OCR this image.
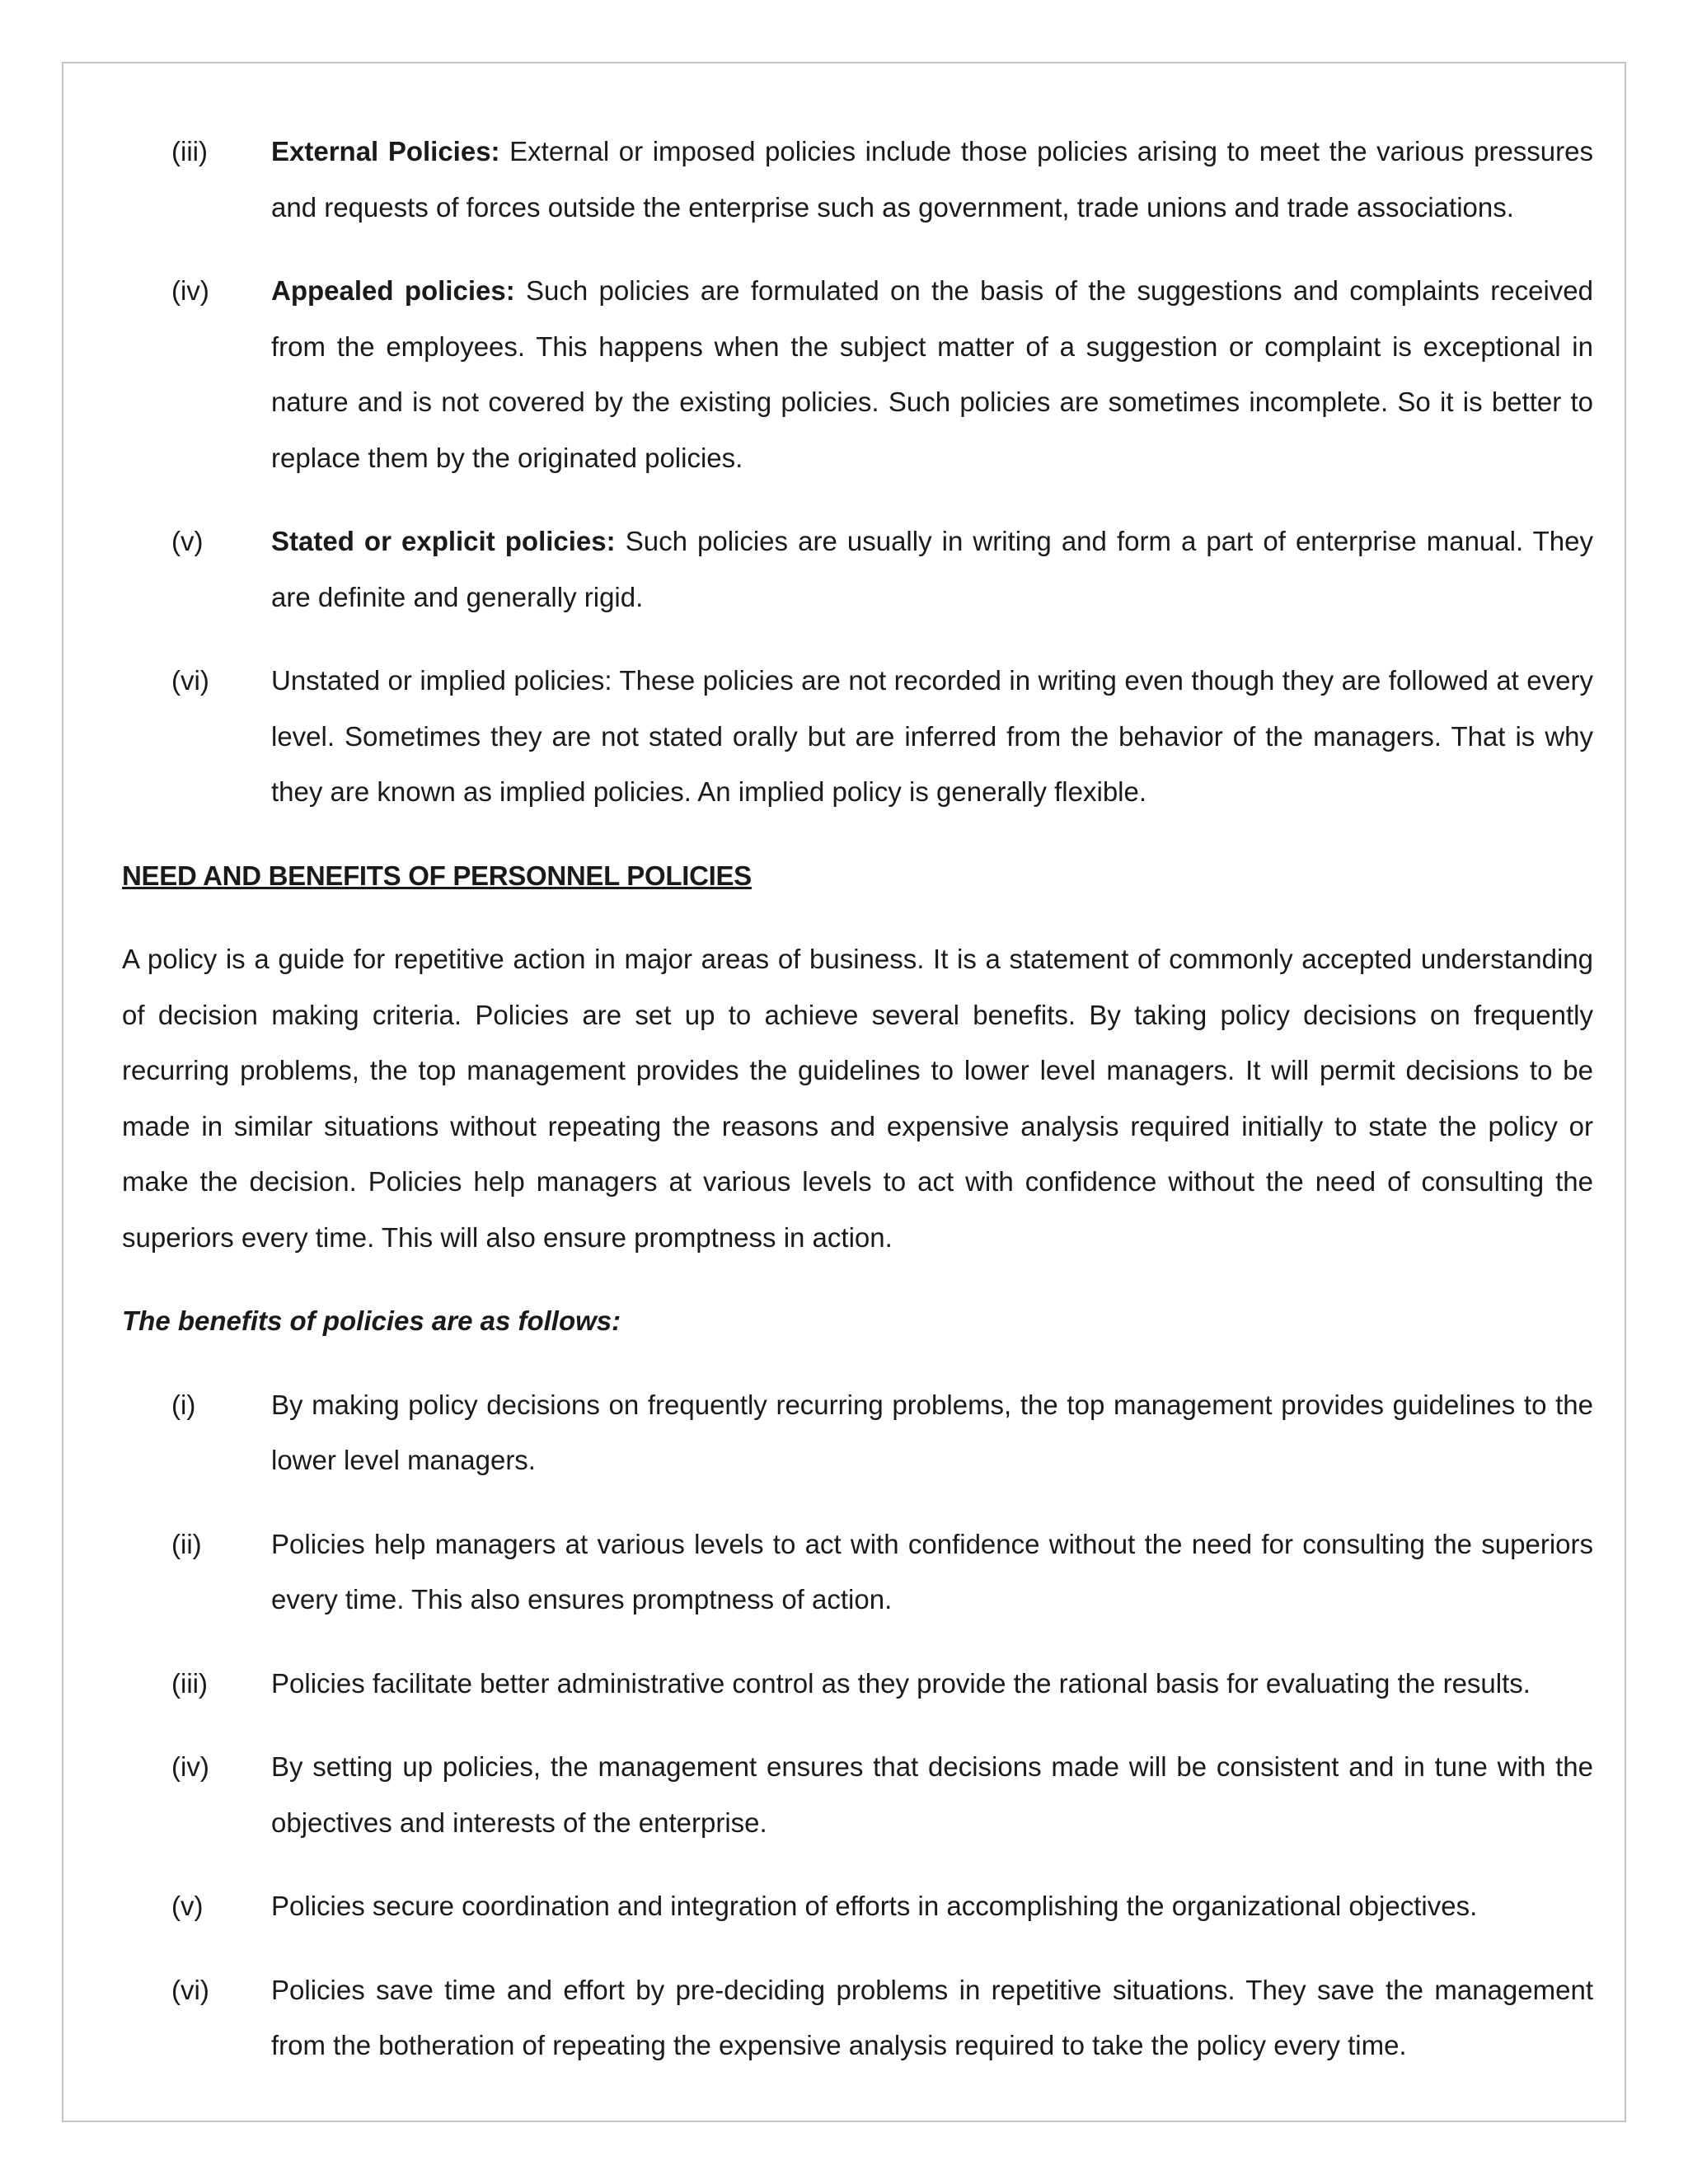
(iii) External Policies: External or imposed policies include those policies arising to meet the various pressures and requests of forces outside the enterprise such as government, trade unions and trade associations.
(iv) Appealed policies: Such policies are formulated on the basis of the suggestions and complaints received from the employees. This happens when the subject matter of a suggestion or complaint is exceptional in nature and is not covered by the existing policies. Such policies are sometimes incomplete. So it is better to replace them by the originated policies.
(v)	Stated or explicit policies: Such policies are usually in writing and form a part of enterprise manual. They are definite and generally rigid.
(vi) Unstated or implied policies: These policies are not recorded in writing even though they are followed at every level. Sometimes they are not stated orally but are inferred from the behavior of the managers. That is why they are known as implied policies. An implied policy is generally flexible.
NEED AND BENEFITS OF PERSONNEL POLICIES
A policy is a guide for repetitive action in major areas of business. It is a statement of commonly accepted understanding of decision making criteria. Policies are set up to achieve several benefits. By taking policy decisions on frequently recurring problems, the top management provides the guidelines to lower level managers. It will permit decisions to be made in similar situations without repeating the reasons and expensive analysis required initially to state the policy or make the decision. Policies help managers at various levels to act with confidence without the need of consulting the superiors every time. This will also ensure promptness in action.
The benefits of policies are as follows:
(i)	By making policy decisions on frequently recurring problems, the top management provides guidelines to the lower level managers.
(ii)	Policies help managers at various levels to act with confidence without the need for consulting the superiors every time. This also ensures promptness of action.
(iii) Policies facilitate better administrative control as they provide the rational basis for evaluating the results.
(iv) By setting up policies, the management ensures that decisions made will be consistent and in tune with the objectives and interests of the enterprise.
(v)	Policies secure coordination and integration of efforts in accomplishing the organizational objectives.
(vi) Policies save time and effort by pre-deciding problems in repetitive situations. They save the management from the botheration of repeating the expensive analysis required to take the policy every time.
